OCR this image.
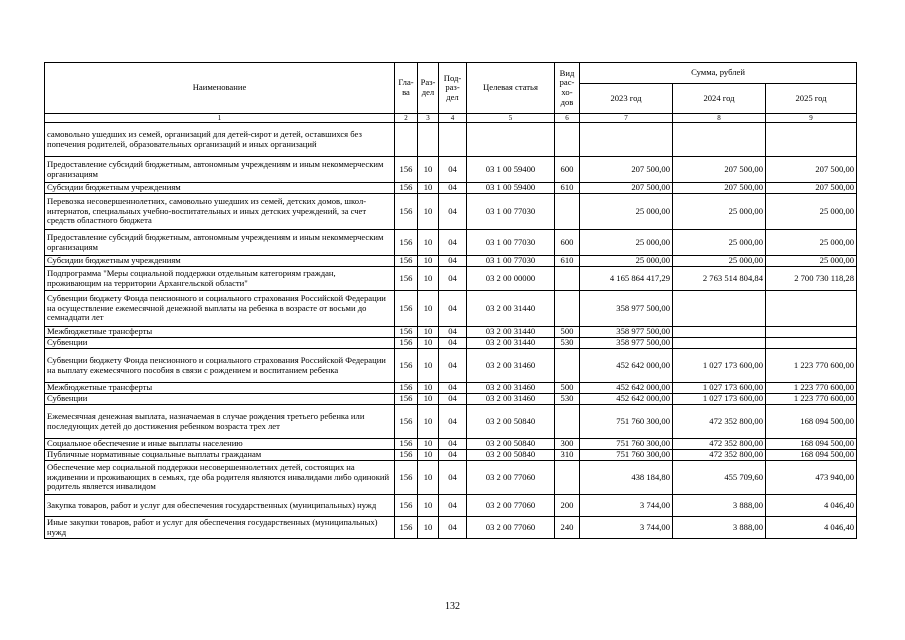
Наименование	Гла-ва	Раз-дел	Под-раз-дел	Целевая статья	Вид рас-хо-дов	Сумма, рублей		
						2023 год	2024 год	2025 год
1	2	3	4	5	6	7	8	9
самовольно ушедших из семей, организаций для детей-сирот и детей, оставшихся без попечения родителей, образовательных организаций и иных организаций								
Предоставление субсидий бюджетным, автономным учреждениям и иным некоммерческим организациям	156	10	04	03 1 00 59400	600	207 500,00	207 500,00	207 500,00
Субсидии бюджетным учреждениям	156	10	04	03 1 00 59400	610	207 500,00	207 500,00	207 500,00
Перевозка несовершеннолетних, самовольно ушедших из семей, детских домов, школ-интернатов, специальных учебно-воспитательных и иных детских учреждений, за счет средств областного бюджета	156	10	04	03 1 00 77030		25 000,00	25 000,00	25 000,00
Предоставление субсидий бюджетным, автономным учреждениям и иным некоммерческим организациям	156	10	04	03 1 00 77030	600	25 000,00	25 000,00	25 000,00
Субсидии бюджетным учреждениям	156	10	04	03 1 00 77030	610	25 000,00	25 000,00	25 000,00
Подпрограмма "Меры социальной поддержки отдельным категориям граждан, проживающим на территории Архангельской области"	156	10	04	03 2 00 00000		4 165 864 417,29	2 763 514 804,84	2 700 730 118,28
Субвенции бюджету Фонда пенсионного и социального страхования Российской Федерации на осуществление ежемесячной денежной выплаты на ребенка в возрасте от восьми до семнадцати лет	156	10	04	03 2 00 31440		358 977 500,00		
Межбюджетные трансферты	156	10	04	03 2 00 31440	500	358 977 500,00		
Субвенции	156	10	04	03 2 00 31440	530	358 977 500,00		
Субвенции бюджету Фонда пенсионного и социального страхования Российской Федерации на выплату ежемесячного пособия в связи с рождением и воспитанием ребенка	156	10	04	03 2 00 31460		452 642 000,00	1 027 173 600,00	1 223 770 600,00
Межбюджетные трансферты	156	10	04	03 2 00 31460	500	452 642 000,00	1 027 173 600,00	1 223 770 600,00
Субвенции	156	10	04	03 2 00 31460	530	452 642 000,00	1 027 173 600,00	1 223 770 600,00
Ежемесячная денежная выплата, назначаемая в случае рождения третьего ребенка или последующих детей до достижения ребенком возраста трех лет	156	10	04	03 2 00 50840		751 760 300,00	472 352 800,00	168 094 500,00
Социальное обеспечение и иные выплаты населению	156	10	04	03 2 00 50840	300	751 760 300,00	472 352 800,00	168 094 500,00
Публичные нормативные социальные выплаты гражданам	156	10	04	03 2 00 50840	310	751 760 300,00	472 352 800,00	168 094 500,00
Обеспечение мер социальной поддержки несовершеннолетних детей, состоящих на иждивении и проживающих в семьях, где оба родителя являются инвалидами либо одинокий родитель является инвалидом	156	10	04	03 2 00 77060		438 184,80	455 709,60	473 940,00
Закупка товаров, работ и услуг для обеспечения государственных (муниципальных) нужд	156	10	04	03 2 00 77060	200	3 744,00	3 888,00	4 046,40
Иные закупки товаров, работ и услуг для обеспечения государственных (муниципальных) нужд	156	10	04	03 2 00 77060	240	3 744,00	3 888,00	4 046,40
132
